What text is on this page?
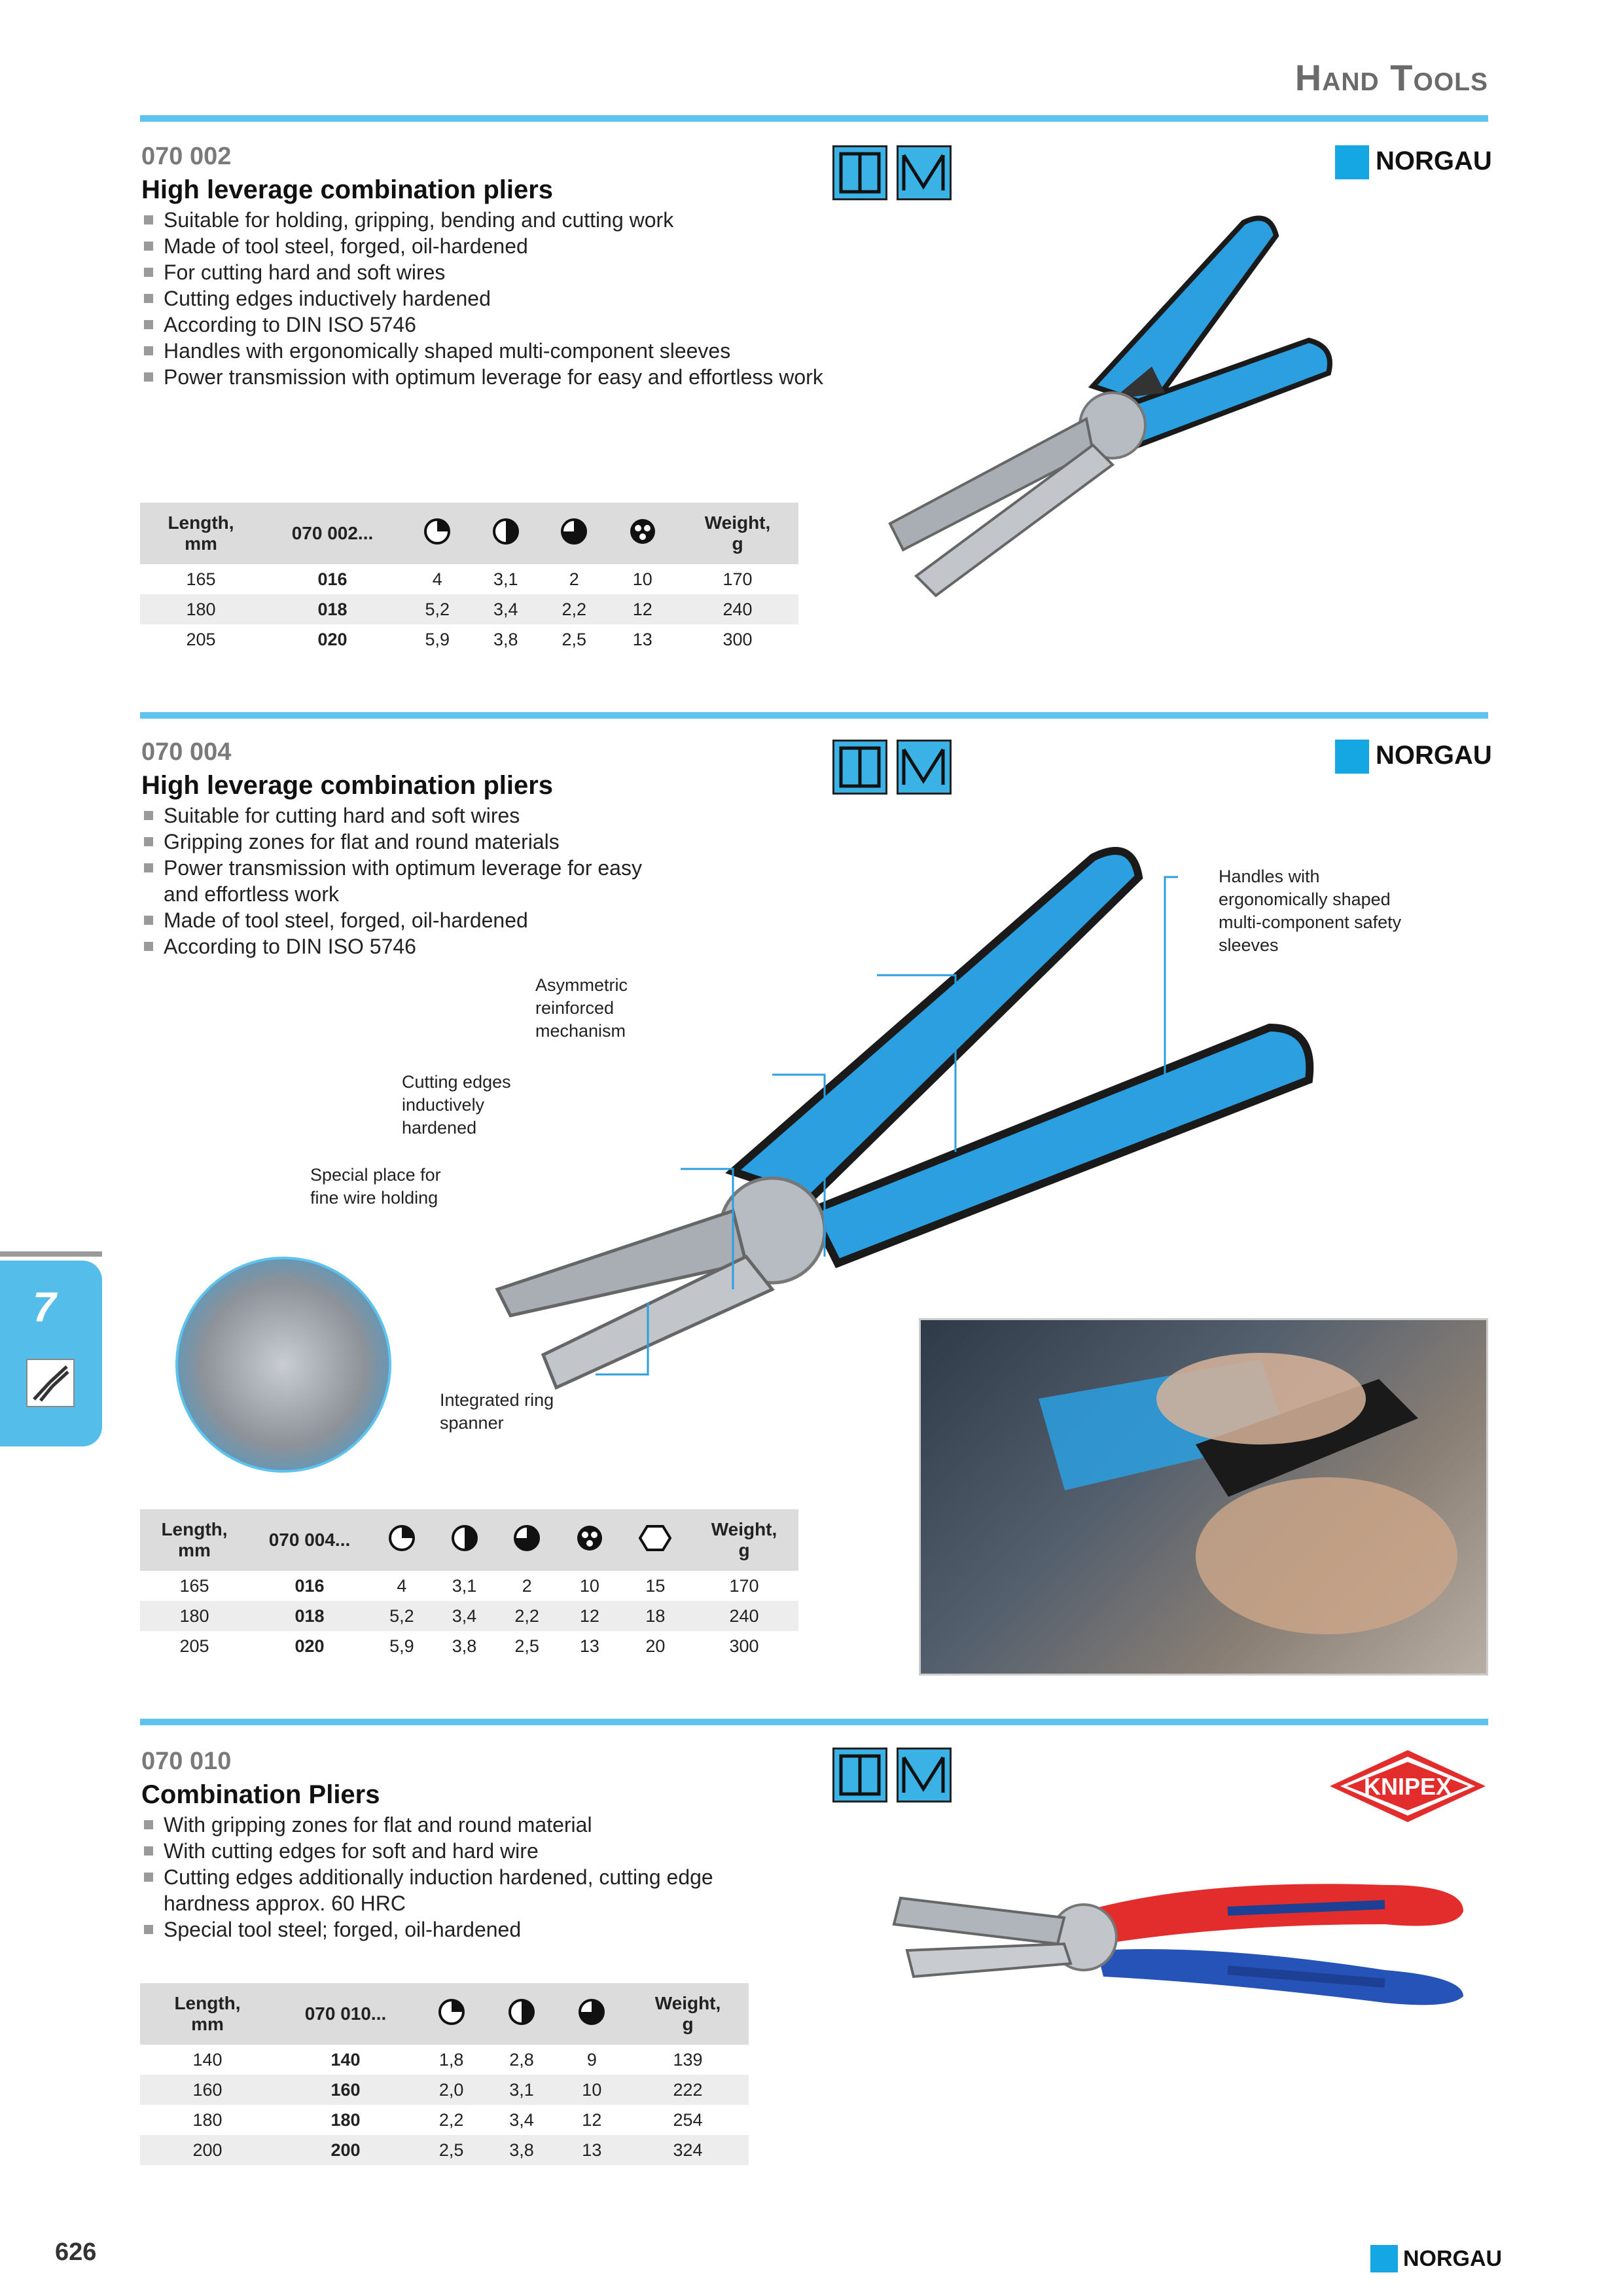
Hand Tools
070 002
High leverage combination pliers
Suitable for holding, gripping, bending and cutting work
Made of tool steel, forged, oil-hardened
For cutting hard and soft wires
Cutting edges inductively hardened
According to DIN ISO 5746
Handles with ergonomically shaped multi-component sleeves
Power transmission with optimum leverage for easy and effortless work
NORGAU
Length,
mm	070 002...					Weight,
g
165	016	4	3,1	2	10	170
180	018	5,2	3,4	2,2	12	240
205	020	5,9	3,8	2,5	13	300
070 004
High leverage combination pliers
Suitable for cutting hard and soft wires
Gripping zones for flat and round materials
Power transmission with optimum leverage for easy and effortless work
Made of tool steel, forged, oil-hardened
According to DIN ISO 5746
NORGAU
Handles with ergonomically shaped multi-component safety sleeves
Asymmetric reinforced mechanism
Cutting edges inductively hardened
Special place for fine wire holding
Integrated ring spanner
Length,
mm	070 004...						Weight,
g
165	016	4	3,1	2	10	15	170
180	018	5,2	3,4	2,2	12	18	240
205	020	5,9	3,8	2,5	13	20	300
7
070 010
Combination Pliers
With gripping zones for flat and round material
With cutting edges for soft and hard wire
Cutting edges additionally induction hardened, cutting edge hardness approx. 60 HRC
Special tool steel; forged, oil-hardened
KNIPEX
Length,
mm	070 010...				Weight,
g
140	140	1,8	2,8	9	139
160	160	2,0	3,1	10	222
180	180	2,2	3,4	12	254
200	200	2,5	3,8	13	324
626	NORGAU
